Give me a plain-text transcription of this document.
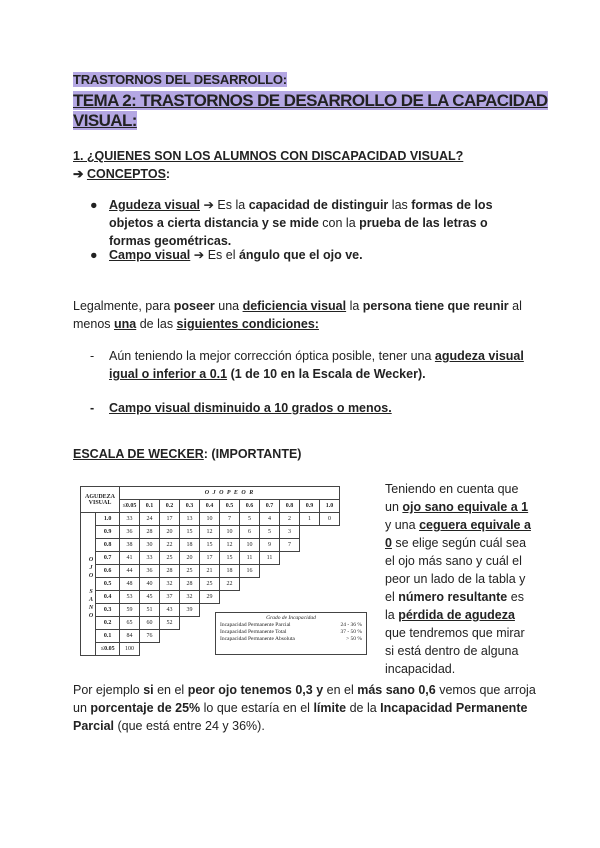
TRASTORNOS DEL DESARROLLO:
TEMA 2: TRASTORNOS DE DESARROLLO DE LA CAPACIDAD VISUAL:
1. ¿QUIENES SON LOS ALUMNOS CON DISCAPACIDAD VISUAL?
➔ CONCEPTOS:
● Agudeza visual ➔ Es la capacidad de distinguir las formas de los objetos a cierta distancia y se mide con la prueba de las letras o formas geométricas.
● Campo visual ➔ Es el ángulo que el ojo ve.
Legalmente, para poseer una deficiencia visual la persona tiene que reunir al menos una de las siguientes condiciones:
- Aún teniendo la mejor corrección óptica posible, tener una agudeza visual igual o inferior a 0.1 (1 de 10 en la Escala de Wecker).
- Campo visual disminuido a 10 grados o menos.
ESCALA DE WECKER: (IMPORTANTE)
AGUDEZA VISUAL		O J O P E O R										
		≤0.05	0.1	0.2	0.3	0.4	0.5	0.6	0.7	0.8	0.9	1.0
	1.0	33	24	17	13	10	7	5	4	2	1	0
	0.9	36	28	20	15	12	10	6	5	3		
	0.8	38	30	22	18	15	12	10	9	7		
	0.7	41	33	25	20	17	15	11	11			
	0.6	44	36	28	25	21	18	16				
	0.5	48	40	32	28	25	22					
	0.4	53	45	37	32	29						
	0.3	59	51	43	39							
	0.2	65	60	52								
	0.1	84	76									
	≤0.05	100										
O
J
O

S
A
N
O	Grado de Incapacidad
Incapacidad Permanente Parcial	24 - 36 %
Incapacidad Permanente Total	37 - 50 %
Incapacidad Permanente Absoluta	> 50 %
Teniendo en cuenta que un ojo sano equivale a 1 y una ceguera equivale a 0 se elige según cuál sea el ojo más sano y cuál el peor un lado de la tabla y el número resultante es la pérdida de agudeza que tendremos que mirar si está dentro de alguna incapacidad.
Por ejemplo si en el peor ojo tenemos 0,3 y en el más sano 0,6 vemos que arroja un porcentaje de 25% lo que estaría en el límite de la Incapacidad Permanente Parcial (que está entre 24 y 36%).
